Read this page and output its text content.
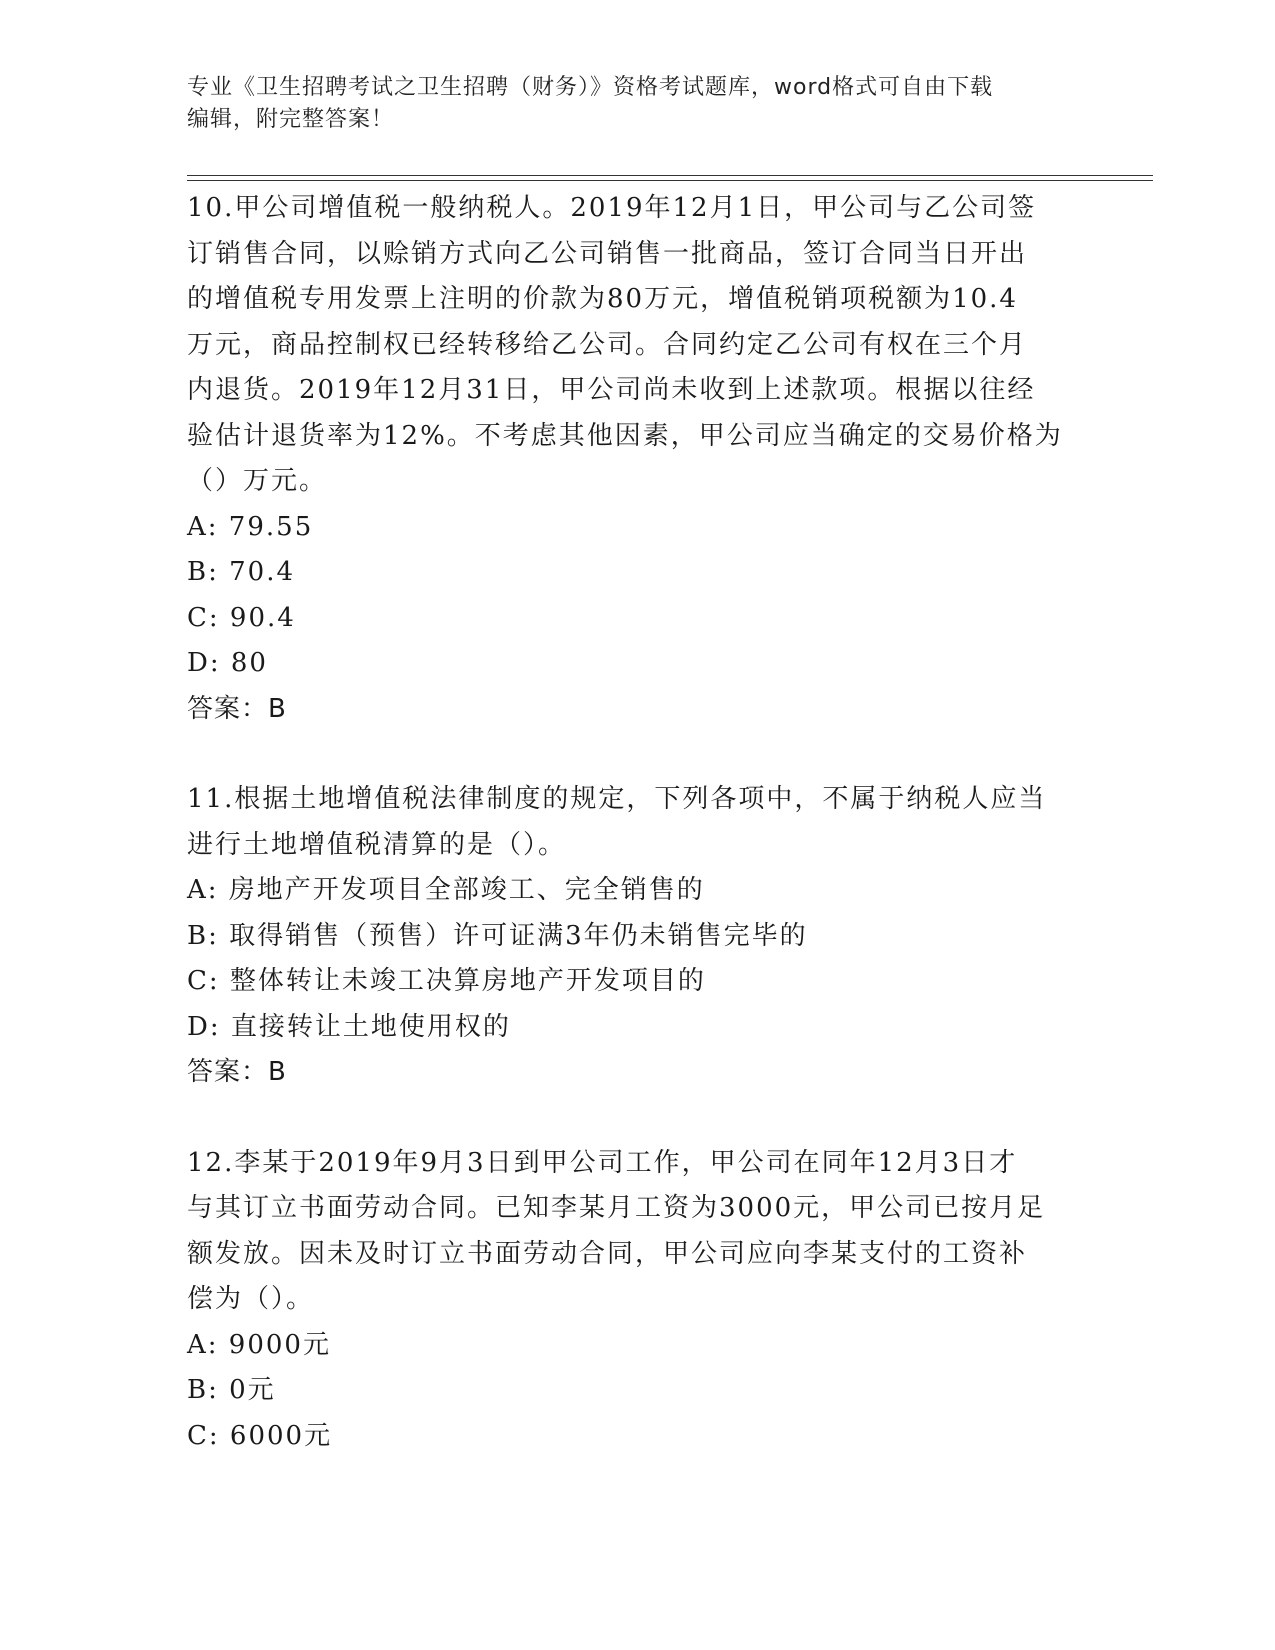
专业《卫生招聘考试之卫生招聘（财务）》资格考试题库，word格式可自由下载
编辑，附完整答案！
10.甲公司增值税一般纳税人。2019年12月1日，甲公司与乙公司签
订销售合同，以赊销方式向乙公司销售一批商品，签订合同当日开出
的增值税专用发票上注明的价款为80万元，增值税销项税额为10.4
万元，商品控制权已经转移给乙公司。合同约定乙公司有权在三个月
内退货。2019年12月31日，甲公司尚未收到上述款项。根据以往经
验估计退货率为12%。不考虑其他因素，甲公司应当确定的交易价格为
（）万元。
A: 79.55
B: 70.4
C: 90.4
D: 80
答案：B
11.根据土地增值税法律制度的规定，下列各项中，不属于纳税人应当
进行土地增值税清算的是（）。
A: 房地产开发项目全部竣工、完全销售的
B: 取得销售（预售）许可证满3年仍未销售完毕的
C: 整体转让未竣工决算房地产开发项目的
D: 直接转让土地使用权的
答案：B
12.李某于2019年9月3日到甲公司工作，甲公司在同年12月3日才
与其订立书面劳动合同。已知李某月工资为3000元，甲公司已按月足
额发放。因未及时订立书面劳动合同，甲公司应向李某支付的工资补
偿为（）。
A: 9000元
B: 0元
C: 6000元
